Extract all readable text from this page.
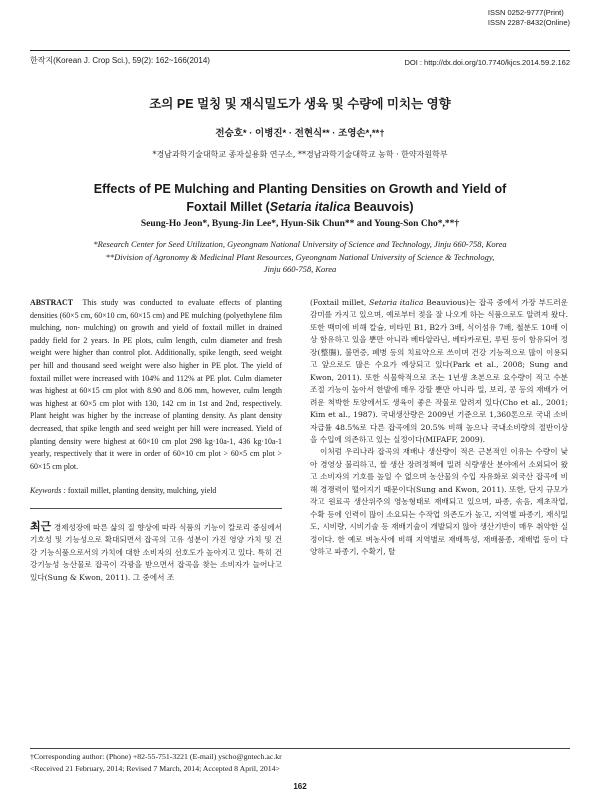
ISSN 0252-9777(Print)
ISSN 2287-8432(Online)
한작지(Korean J. Crop Sci.), 59(2): 162~166(2014)	DOI : http://dx.doi.org/10.7740/kjcs.2014.59.2.162
조의 PE 멀칭 및 재식밀도가 생육 및 수량에 미치는 영향
전승호* · 이병진* · 전현식** · 조영손*,**†
*경남과학기술대학교 종자실용화 연구소, **경남과학기술대학교 농학 · 한약자원학부
Effects of PE Mulching and Planting Densities on Growth and Yield of
Foxtail Millet (Setaria italica Beauvois)
Seung-Ho Jeon*, Byung-Jin Lee*, Hyun-Sik Chun** and Young-Son Cho*,**†
*Research Center for Seed Utilization, Gyeongnam National University of Science and Technology, Jinju 660-758, Korea
**Division of Agronomy & Medicinal Plant Resources, Gyeongnam National University of Science & Technology,
Jinju 660-758, Korea
ABSTRACT This study was conducted to evaluate effects of planting densities (60×5 cm, 60×10 cm, 60×15 cm) and PE mulching (polyethylene film mulching, non- mulching) on growth and yield of foxtail millet in drained paddy field for 2 years. In PE plots, culm length, culm diameter and fresh weight were higher than control plot. Additionally, spike length, seed weight per hill and thousand seed weight were also higher in PE plot. The yield of foxtail millet were increased with 104% and 112% at PE plot. Culm diameter was highest at 60×15 cm plot with 8.90 and 8.06 mm, however, culm length was highest at 60×5 cm plot with 130, 142 cm in 1st and 2nd, respectively. Plant height was higher by the increase of planting density. As plant density decreased, that spike length and seed weight per hill were increased. Yield of planting density were highest at 60×10 cm plot 298 kg·10a-1, 436 kg·10a-1 yearly, respectively that it were in order of 60×10 cm plot > 60×5 cm plot > 60×15 cm plot.
Keywords : foxtail millet, planting density, mulching, yield
최근 경제성장에 따른 삶의 질 향상에 따라 식품의 기능이 칼로리 중심에서 기호성 및 기능성으로 확대되면서 잡곡의 고유 성분이 가진 영양 가치 및 건강 기능식품으로서의 가치에 대한 소비자의 선호도가 높아지고 있다. 특히 건강기능성 농산물로 잡곡이 각광을 받으면서 잡곡을 찾는 소비자가 늘어나고 있다(Sung & Kwon, 2011). 그 중에서 조
(Foxtail millet, Setaria italica Beauvious)는 잡곡 중에서 가장 부드러운 감미를 가지고 있으며, 예로부터 젖을 잘 나오게 하는 식품으로도 알려져 왔다. 또한 백미에 비해 칼슘, 비타민 B1, B2가 3배, 식이섬유 7배, 철분도 10배 이상 함유하고 있을 뿐만 아니라 베타알라닌, 베타카로틴, 루틴 등이 함유되어 정장(整腸), 불면증, 폐병 등의 치료약으로 쓰이며 건강 기능적으로 많이 이용되고 앞으로도 많은 수요가 예상되고 있다(Park et al., 2008; Sung and Kwon, 2011). 또한 식물학적으로 조는 1년생 초본으로 요수량이 적고 수분조절 기능이 높아서 한발에 매우 강할 뿐만 아니라 밀, 보리, 콩 등의 재배가 어려운 척박한 토양에서도 생육이 좋은 작물로 알려져 있다(Cho et al., 2001; Kim et al., 1987). 국내생산량은 2009년 기준으로 1,360톤으로 국내 소비 자급률 48.5%로 다른 잡곡에의 20.5% 비해 높으나 국내소비량의 절반이상을 수입에 의존하고 있는 실정이다(MIFAFF, 2009).
이처럼 우리나라 잡곡의 재배나 생산량이 적은 근본적인 이유는 수량이 낮아 경영상 불리하고, 쌀 생산 장려정책에 밀려 식량생산 분야에서 소외되어 왔고 소비자의 기호를 높일 수 없으며 농산물의 수입 자유화로 외국산 잡곡에 비해 경쟁력이 떨어지기 때문이다(Sung and Kwon, 2011). 또한, 단지 규모가 작고 원료곡 생산위주의 영농형태로 재배되고 있으며, 파종, 솎음, 제초작업, 수확 등에 인력이 많이 소요되는 수작업 의존도가 높고, 지역별 파종기, 재식밀도, 시비량, 시비기술 등 재배기술이 개발되지 않아 생산기반이 매우 취약한 실정이다. 한 예로 벼농사에 비해 지역별로 재배특성, 재배품종, 재배법 등이 다양하고 파종기, 수확기, 탈
†Corresponding author: (Phone) +82-55-751-3221 (E-mail) yscho@gntech.ac.kr
<Received 21 February, 2014; Revised 7 March, 2014; Accepted 8 April, 2014>
162
